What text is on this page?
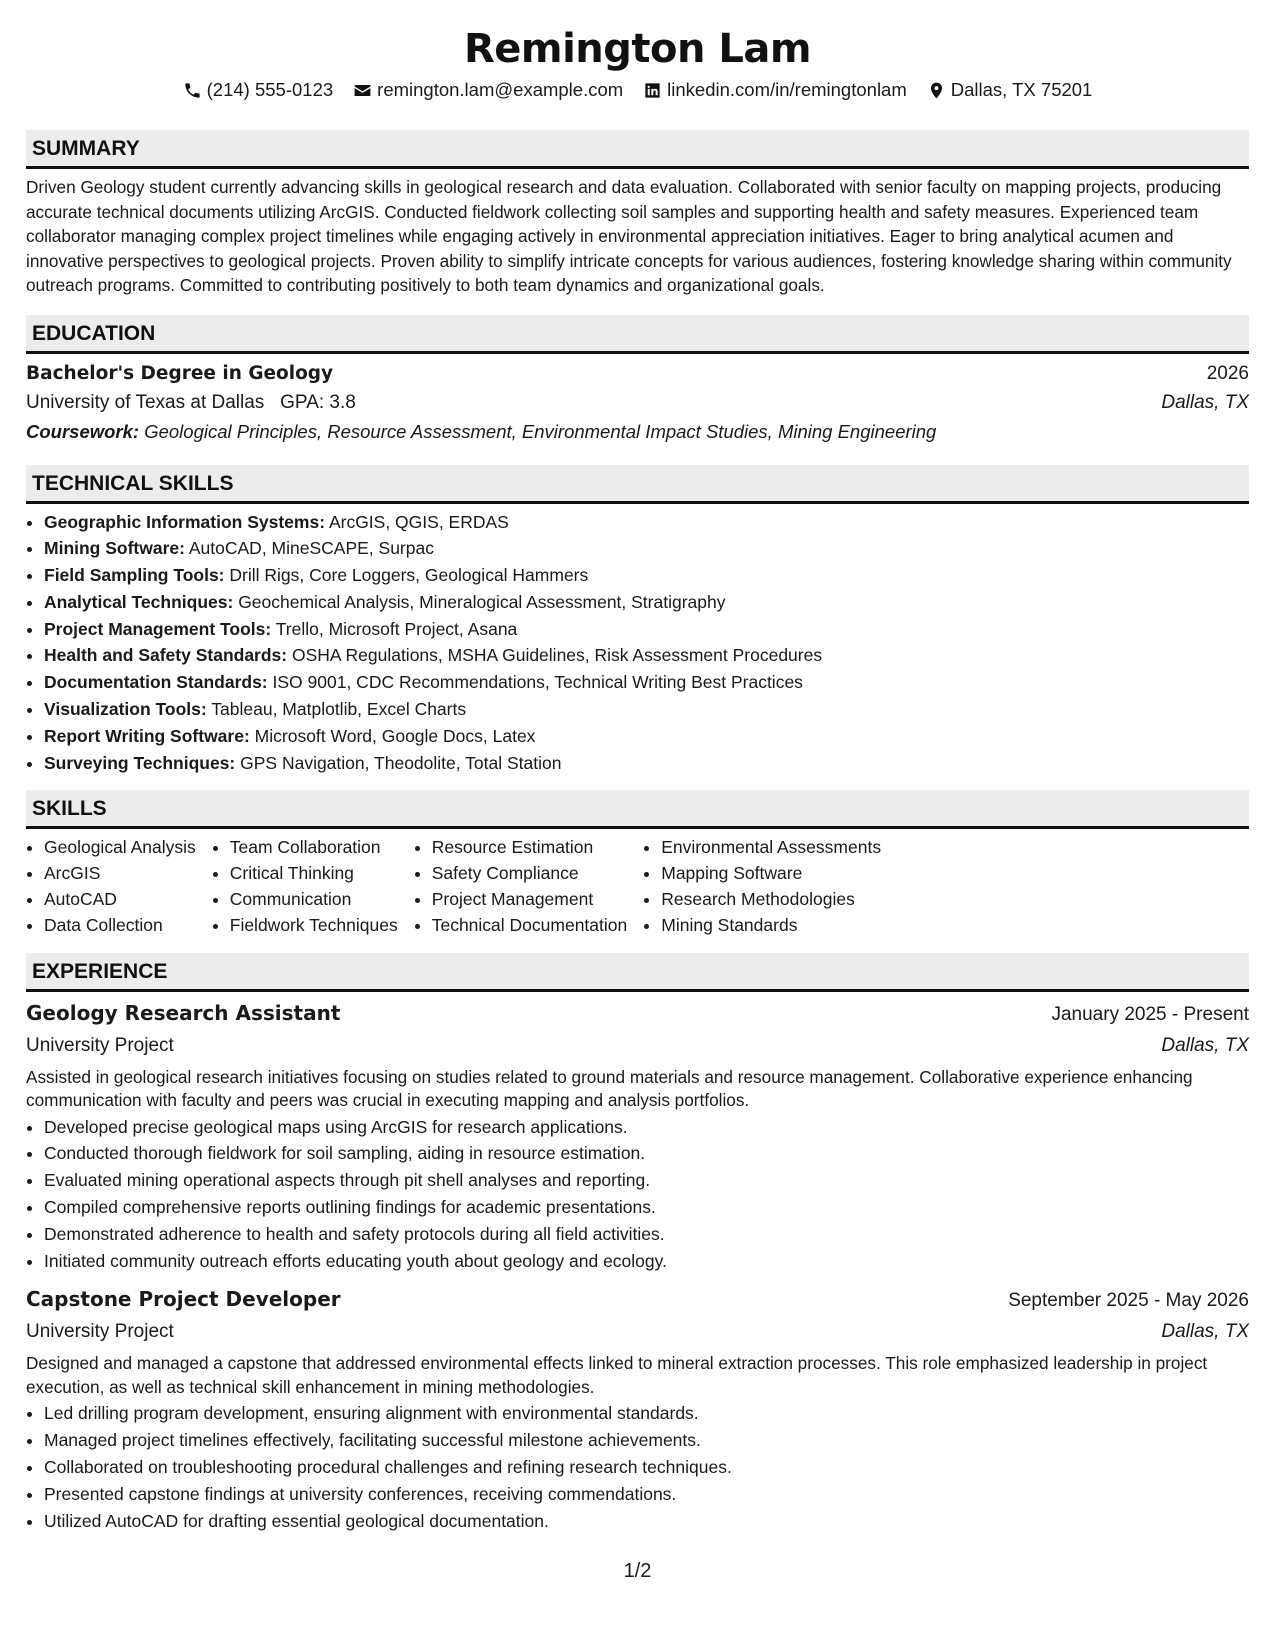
Remington Lam
(214) 555-0123 remington.lam@example.com linkedin.com/in/remingtonlam Dallas, TX 75201
SUMMARY

Driven Geology student currently advancing skills in geological research and data evaluation. Collaborated with senior faculty on mapping projects, producing accurate technical documents utilizing ArcGIS. Conducted fieldwork collecting soil samples and supporting health and safety measures. Experienced team collaborator managing complex project timelines while engaging actively in environmental appreciation initiatives. Eager to bring analytical acumen and innovative perspectives to geological projects. Proven ability to simplify intricate concepts for various audiences, fostering knowledge sharing within community outreach programs. Committed to contributing positively to both team dynamics and organizational goals.

EDUCATION
Bachelor's Degree in Geology	2026
University of Texas at Dallas GPA: 3.8	Dallas, TX
Coursework: Geological Principles, Resource Assessment, Environmental Impact Studies, Mining Engineering
TECHNICAL SKILLS
• Geographic Information Systems: ArcGIS, QGIS, ERDAS
• Mining Software: AutoCAD, MineSCAPE, Surpac
• Field Sampling Tools: Drill Rigs, Core Loggers, Geological Hammers
• Analytical Techniques: Geochemical Analysis, Mineralogical Assessment, Stratigraphy
• Project Management Tools: Trello, Microsoft Project, Asana
• Health and Safety Standards: OSHA Regulations, MSHA Guidelines, Risk Assessment Procedures
• Documentation Standards: ISO 9001, CDC Recommendations, Technical Writing Best Practices
• Visualization Tools: Tableau, Matplotlib, Excel Charts
• Report Writing Software: Microsoft Word, Google Docs, Latex
• Surveying Techniques: GPS Navigation, Theodolite, Total Station
SKILLS
• Geological Analysis
• ArcGIS
• AutoCAD
• Data Collection
• Team Collaboration
• Critical Thinking
• Communication
• Fieldwork Techniques
• Resource Estimation
• Safety Compliance
• Project Management
• Technical Documentation
• Environmental Assessments
• Mapping Software
• Research Methodologies
• Mining Standards
EXPERIENCE
Geology Research Assistant	January 2025 - Present
University Project	Dallas, TX

Assisted in geological research initiatives focusing on studies related to ground materials and resource management. Collaborative experience enhancing communication with faculty and peers was crucial in executing mapping and analysis portfolios.

• Developed precise geological maps using ArcGIS for research applications.
• Conducted thorough fieldwork for soil sampling, aiding in resource estimation.
• Evaluated mining operational aspects through pit shell analyses and reporting.
• Compiled comprehensive reports outlining findings for academic presentations.
• Demonstrated adherence to health and safety protocols during all field activities.
• Initiated community outreach efforts educating youth about geology and ecology.
Capstone Project Developer	September 2025 - May 2026
University Project	Dallas, TX

Designed and managed a capstone that addressed environmental effects linked to mineral extraction processes. This role emphasized leadership in project execution, as well as technical skill enhancement in mining methodologies.

• Led drilling program development, ensuring alignment with environmental standards.
• Managed project timelines effectively, facilitating successful milestone achievements.
• Collaborated on troubleshooting procedural challenges and refining research techniques.
• Presented capstone findings at university conferences, receiving commendations.
• Utilized AutoCAD for drafting essential geological documentation.
1/2
